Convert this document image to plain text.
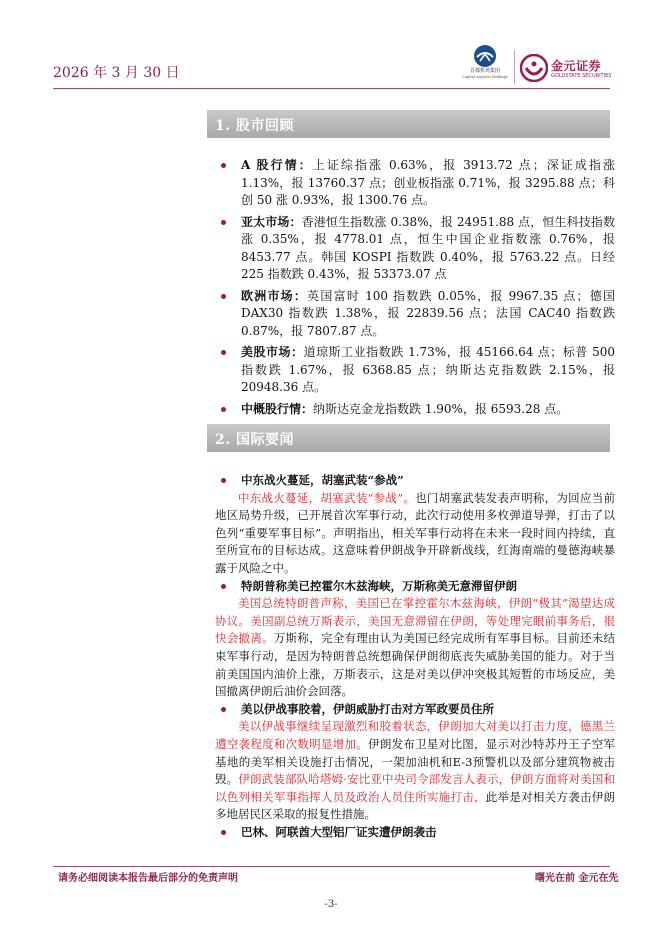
2026 年 3 月 30 日	首都机场集团
Capital Airports Holdings
金元证券
GOLDSTATE SECURITIES
1. 股市回顾
A 股行情：上证综指涨 0.63%，报 3913.72 点；深证成指涨 1.13%，报 13760.37 点；创业板指涨 0.71%，报 3295.88 点；科创 50 涨 0.93%，报 1300.76 点。
亚太市场：香港恒生指数涨 0.38%，报 24951.88 点，恒生科技指数涨 0.35%，报 4778.01 点，恒生中国企业指数涨 0.76%，报 8453.77 点。韩国 KOSPI 指数跌 0.40%，报 5763.22 点。日经 225 指数跌 0.43%，报 53373.07 点
欧洲市场：英国富时 100 指数跌 0.05%，报 9967.35 点；德国 DAX30 指数跌 1.38%，报 22839.56 点；法国 CAC40 指数跌 0.87%，报 7807.87 点。
美股市场：道琼斯工业指数跌 1.73%，报 45166.64 点；标普 500 指数跌 1.67%，报 6368.85 点；纳斯达克指数跌 2.15%，报 20948.36 点。
中概股行情：纳斯达克金龙指数跌 1.90%，报 6593.28 点。
2. 国际要闻
中东战火蔓延，胡塞武装“参战”
中东战火蔓延，胡塞武装“参战”。也门胡塞武装发表声明称，为回应当前地区局势升级，已开展首次军事行动，此次行动使用多枚弹道导弹，打击了以色列“重要军事目标”。声明指出，相关军事行动将在未来一段时间内持续，直至所宣布的目标达成。这意味着伊朗战争开辟新战线，红海南端的曼德海峡暴露于风险之中。
特朗普称美已控霍尔木兹海峡，万斯称美无意滞留伊朗
美国总统特朗普声称，美国已在掌控霍尔木兹海峡，伊朗“极其”渴望达成协议。美国副总统万斯表示，美国无意滞留在伊朗，等处理完眼前事务后，很快会撤离。万斯称，完全有理由认为美国已经完成所有军事目标。目前还未结束军事行动，是因为特朗普总统想确保伊朗彻底丧失威胁美国的能力。对于当前美国国内油价上涨，万斯表示，这是对美以伊冲突极其短暂的市场反应，美国撤离伊朗后油价会回落。
美以伊战事胶着，伊朗威胁打击对方军政要员住所
美以伊战事继续呈现激烈和胶着状态，伊朗加大对美以打击力度，德黑兰遭空袭程度和次数明显增加。伊朗发布卫星对比图，显示对沙特苏丹王子空军基地的美军相关设施打击情况，一架加油机和E-3预警机以及部分建筑物被击毁。伊朗武装部队哈塔姆·安比亚中央司令部发言人表示，伊朗方面将对美国和以色列相关军事指挥人员及政治人员住所实施打击，此举是对相关方袭击伊朗多地居民区采取的报复性措施。
巴林、阿联酋大型铝厂证实遭伊朗袭击
请务必细阅读本报告最后部分的免责声明	曙光在前 金元在先
-3-
